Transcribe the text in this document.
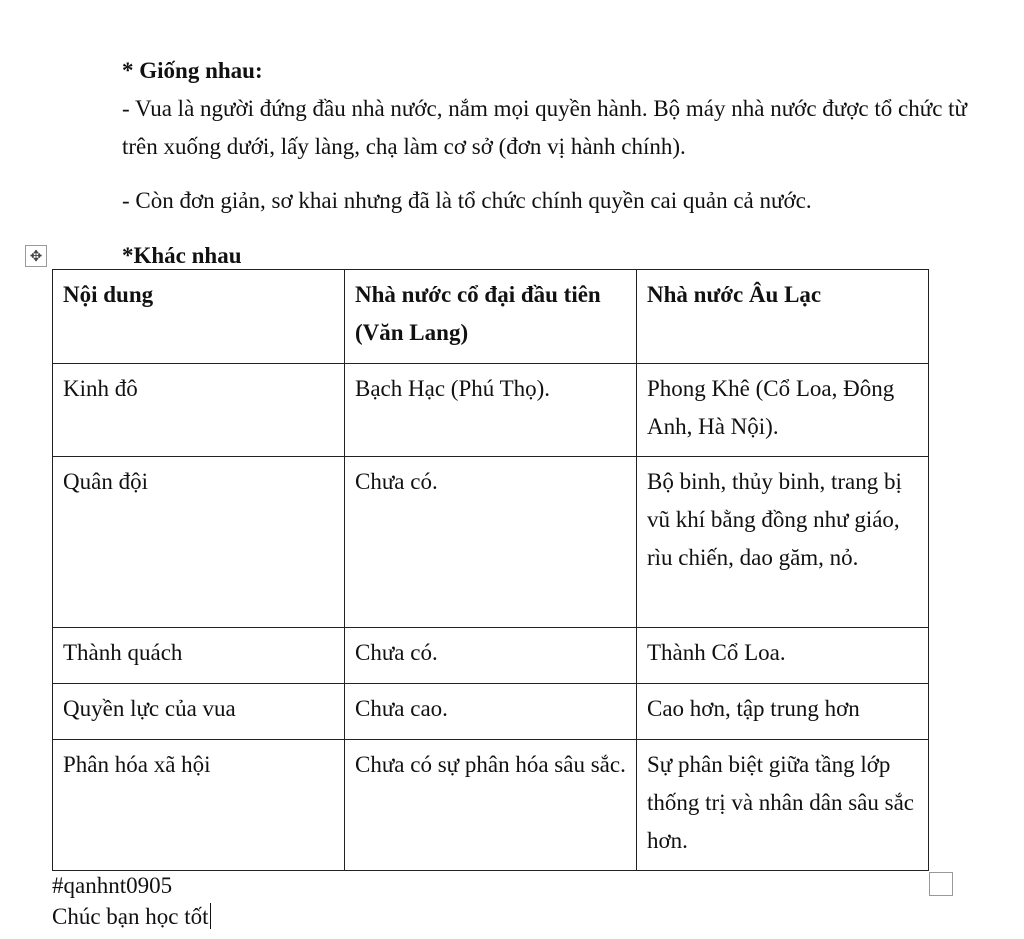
* Giống nhau:

- Vua là người đứng đầu nhà nước, nắm mọi quyền hành. Bộ máy nhà nước được tổ chức từ trên xuống dưới, lấy làng, chạ làm cơ sở (đơn vị hành chính).

- Còn đơn giản, sơ khai nhưng đã là tổ chức chính quyền cai quản cả nước.

✥	*Khác nhau

Nội dung	Nhà nước cổ đại đầu tiên (Văn Lang)	Nhà nước Âu Lạc
Kinh đô	Bạch Hạc (Phú Thọ).	Phong Khê (Cổ Loa, Đông Anh, Hà Nội).
Quân đội	Chưa có.	Bộ binh, thủy binh, trang bị vũ khí bằng đồng như giáo, rìu chiến, dao găm, nỏ.
Thành quách	Chưa có.	Thành Cổ Loa.
Quyền lực của vua	Chưa cao.	Cao hơn, tập trung hơn
Phân hóa xã hội	Chưa có sự phân hóa sâu sắc.	Sự phân biệt giữa tầng lớp thống trị và nhân dân sâu sắc hơn.

#qanhnt0905

Chúc bạn học tốt
